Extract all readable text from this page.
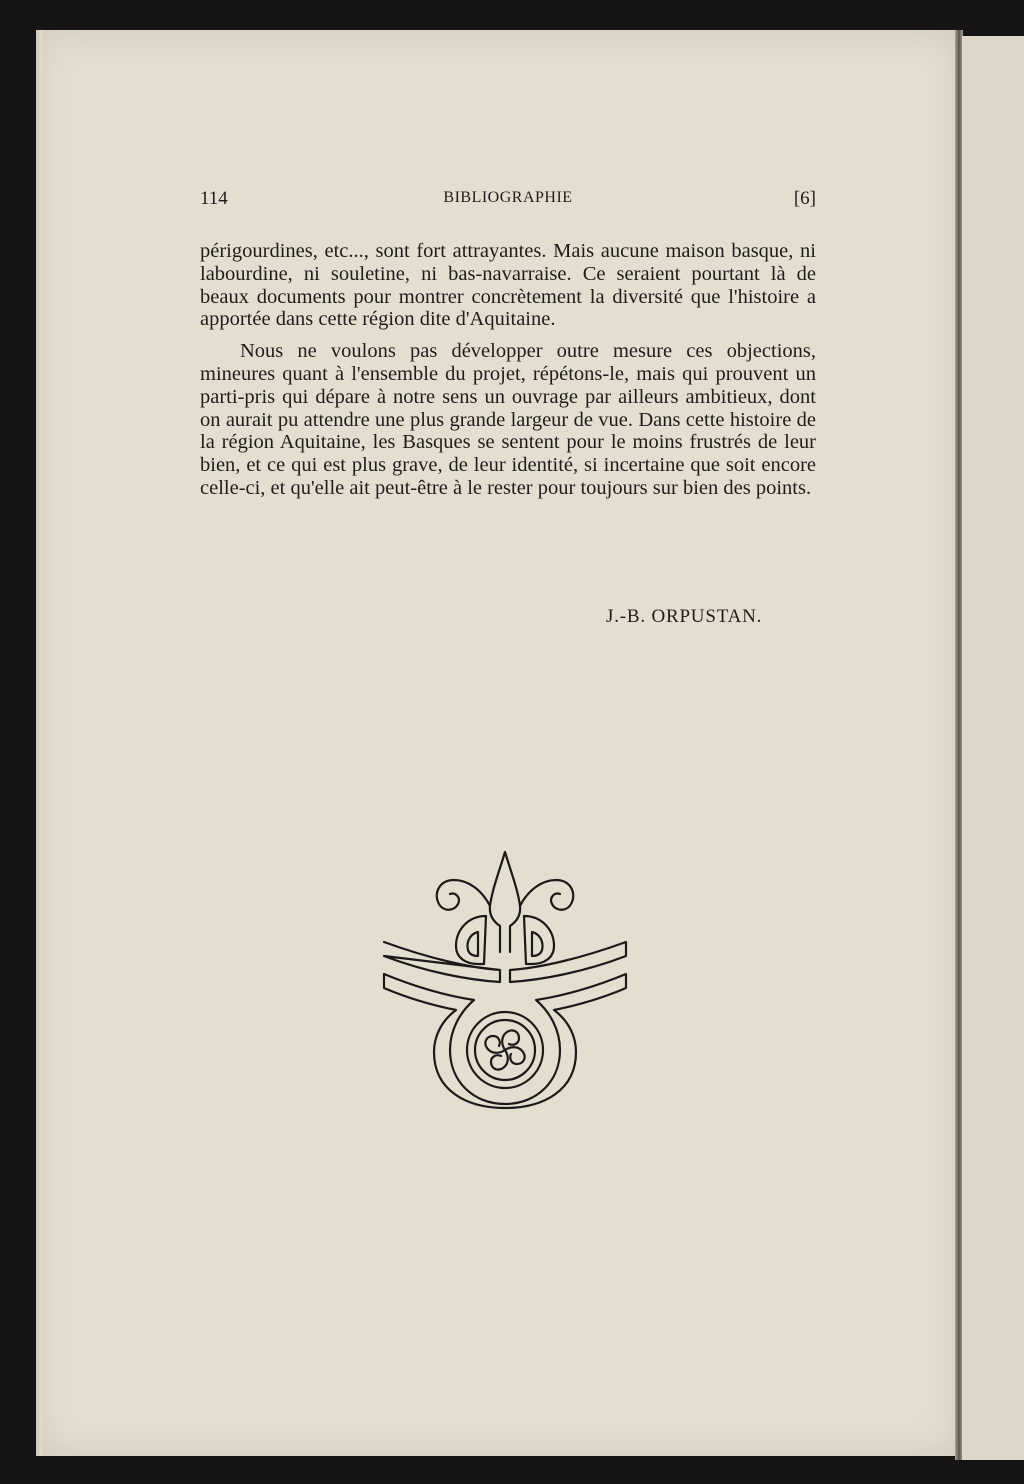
114	BIBLIOGRAPHIE	[6]

périgourdines, etc..., sont fort attrayantes. Mais aucune maison basque, ni labourdine, ni souletine, ni bas-navarraise. Ce seraient pourtant là de beaux documents pour montrer concrètement la diversité que l'histoire a apportée dans cette région dite d'Aquitaine.

Nous ne voulons pas développer outre mesure ces objections, mineures quant à l'ensemble du projet, répétons-le, mais qui prouvent un parti-pris qui dépare à notre sens un ouvrage par ailleurs ambitieux, dont on aurait pu attendre une plus grande largeur de vue. Dans cette histoire de la région Aquitaine, les Basques se sentent pour le moins frustrés de leur bien, et ce qui est plus grave, de leur identité, si incertaine que soit encore celle-ci, et qu'elle ait peut-être à le rester pour toujours sur bien des points.

J.-B. ORPUSTAN.
